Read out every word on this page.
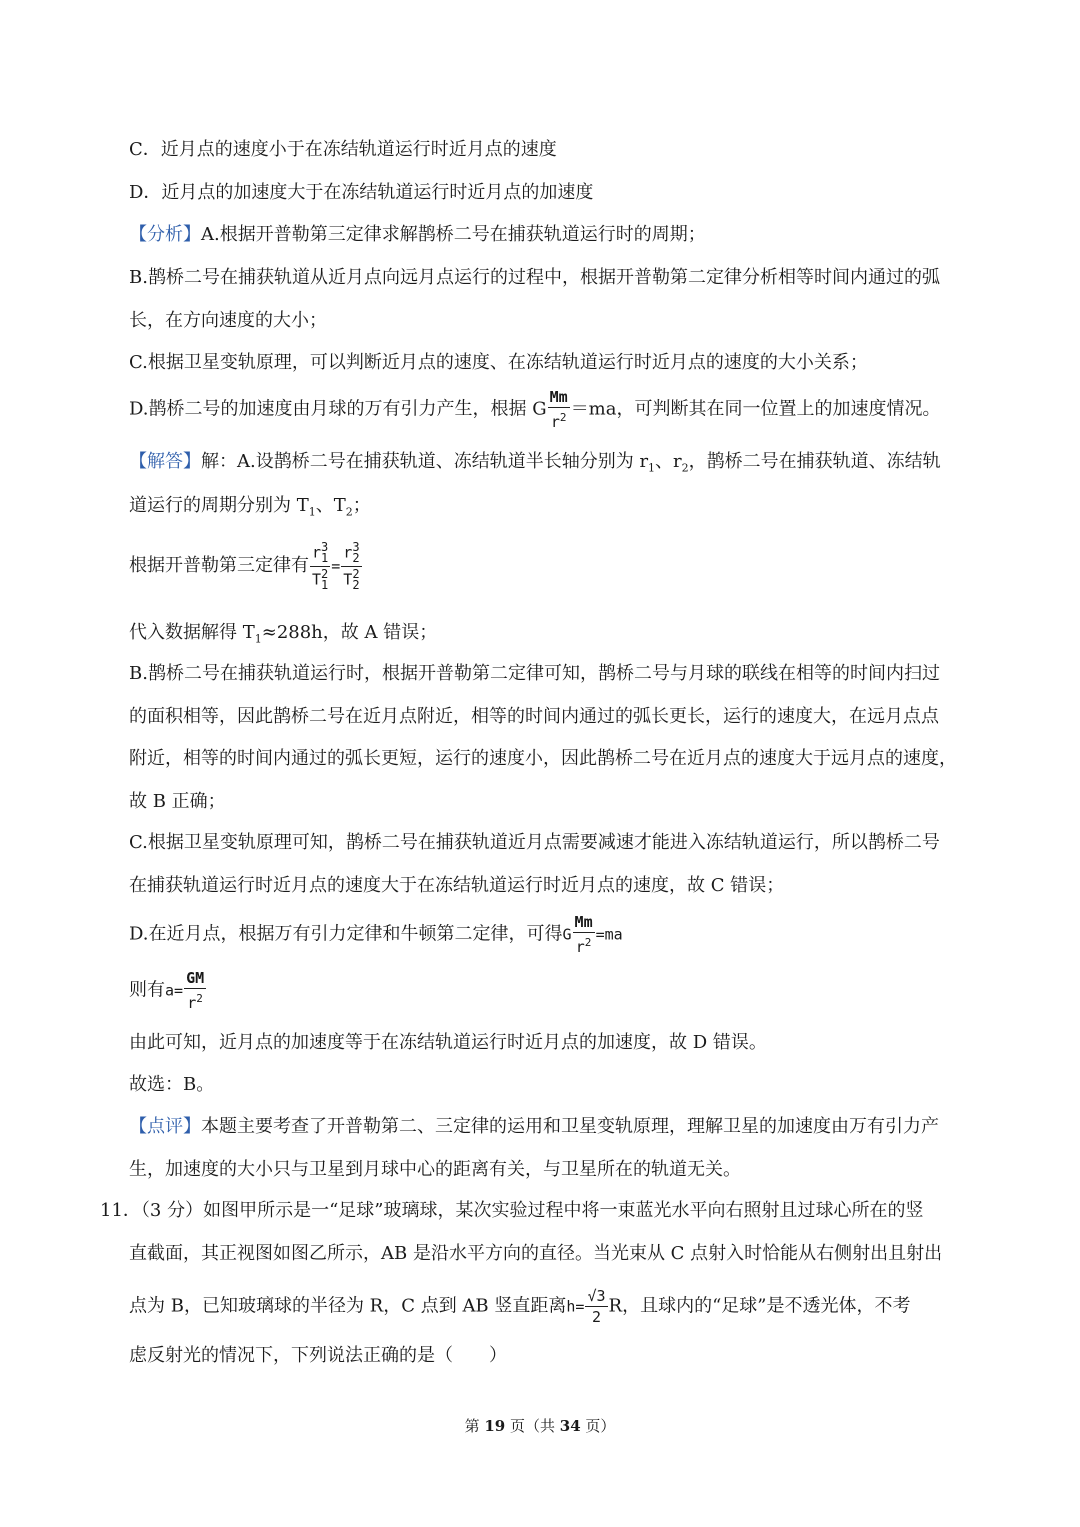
C．近月点的速度小于在冻结轨道运行时近月点的速度
D．近月点的加速度大于在冻结轨道运行时近月点的加速度
【分析】A.根据开普勒第三定律求解鹊桥二号在捕获轨道运行时的周期；
B.鹊桥二号在捕获轨道从近月点向远月点运行的过程中，根据开普勒第二定律分析相等时间内通过的弧
长，在方向速度的大小；
C.根据卫星变轨原理，可以判断近月点的速度、在冻结轨道运行时近月点的速度的大小关系；
D.鹊桥二号的加速度由月球的万有引力产生，根据 G $\frac{Mm}{r^2} =ma$，可判断其在同一位置上的加速度情况。
【解答】解：A.设鹊桥二号在捕获轨道、冻结轨道半长轴分别为 $r_1$、$r_2$，鹊桥二号在捕获轨道、冻结轨
道运行的周期分别为 $T_1$、$T_2$；
根据开普勒第三定律有 r 3
1
T 2
1 = r 3
2
T 2
2
代入数据解得 $T_1\approx 288h$，故 A 错误；
B.鹊桥二号在捕获轨道运行时，根据开普勒第二定律可知，鹊桥二号与月球的联线在相等的时间内扫过
的面积相等，因此鹊桥二号在近月点附近，相等的时间内通过的弧长更长，运行的速度大，在远月点点
附近，相等的时间内通过的弧长更短，运行的速度小，因此鹊桥二号在近月点的速度大于远月点的速度，
故 B 正确；
C.根据卫星变轨原理可知，鹊桥二号在捕获轨道近月点需要减速才能进入冻结轨道运行，所以鹊桥二号
在捕获轨道运行时近月点的速度大于在冻结轨道运行时近月点的速度，故 C 错误；
D.在近月点，根据万有引力定律和牛顿第二定律，可得G $\frac{Mm}{r^2} =ma$
则有$a= \frac{GM}{r^2}$
由此可知，近月点的加速度等于在冻结轨道运行时近月点的加速度，故 D 错误。
故选：B。
【点评】本题主要考查了开普勒第二、三定律的运用和卫星变轨原理，理解卫星的加速度由万有引力产
生，加速度的大小只与卫星到月球中心的距离有关，与卫星所在的轨道无关。
11．（3 分）如图甲所示是一“足球”玻璃球，某次实验过程中将一束蓝光水平向右照射且过球心所在的竖
直截面，其正视图如图乙所示，AB 是沿水平方向的直径。当光束从 C 点射入时恰能从右侧射出且射出
点为 B，已知玻璃球的半径为 R，C 点到 AB 竖直距离$h= \frac{√3}{2}$ R，且球内的“足球”是不透光体，不考
虑反射光的情况下，下列说法正确的是（　　）
第 19 页（共 34 页）
